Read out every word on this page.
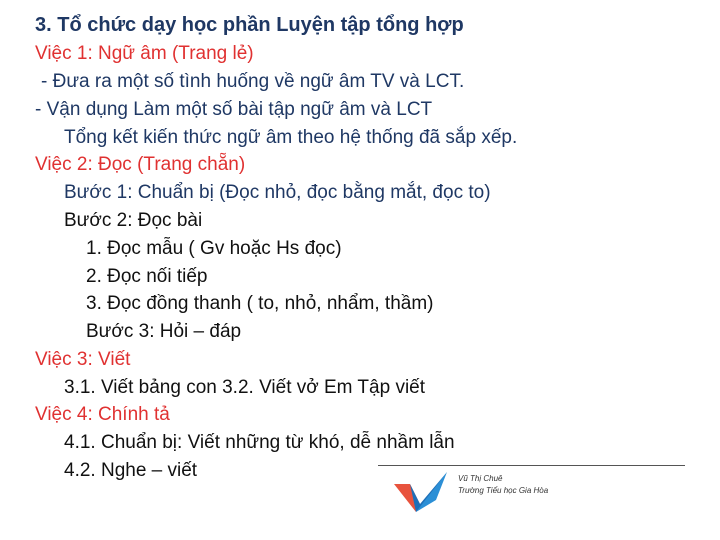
3. Tổ chức dạy học phần Luyện tập tổng hợp
Việc 1: Ngữ âm (Trang lẻ)
- Đưa ra một số tình huống về ngữ âm TV và LCT.
- Vận dụng Làm một số bài tập ngữ âm và LCT
Tổng kết kiến thức ngữ âm theo hệ thống đã sắp xếp.
Việc 2: Đọc (Trang chẵn)
Bước 1: Chuẩn bị (Đọc nhỏ, đọc bằng mắt, đọc to)
Bước 2: Đọc bài
1. Đọc mẫu ( Gv hoặc Hs đọc)
2. Đọc nối tiếp
3. Đọc đồng thanh ( to, nhỏ, nhẩm, thầm)
Bước 3: Hỏi – đáp
Việc 3: Viết
3.1. Viết bảng con 3.2. Viết vở Em Tập viết
Việc 4: Chính tả
4.1. Chuẩn bị: Viết những từ khó, dễ nhầm lẫn
4.2. Nghe – viết	Vũ Thị Chuê
Trường Tiểu học Gia Hòa
